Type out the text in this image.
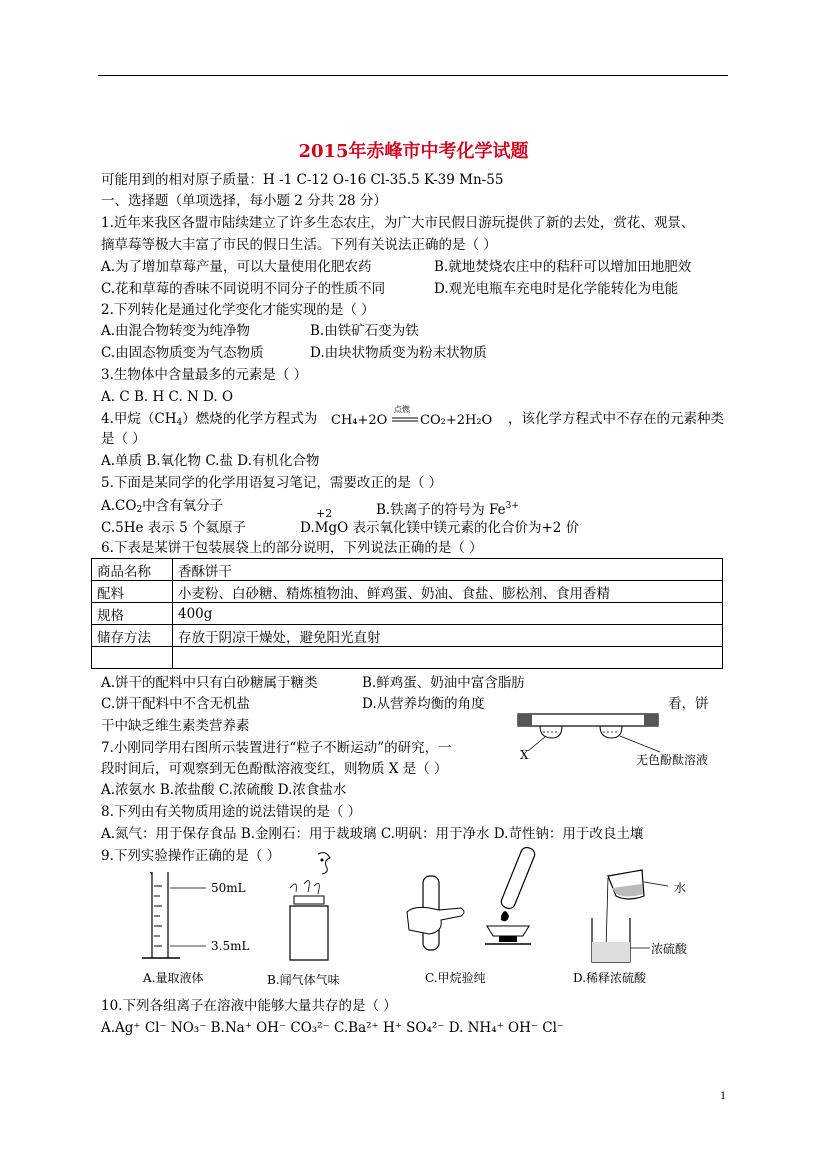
2015年赤峰市中考化学试题
可能用到的相对原子质量：H -1 C-12 O-16 Cl-35.5 K-39 Mn-55
一、选择题（单项选择，每小题 2 分共 28 分）
1.近年来我区各盟市陆续建立了许多生态农庄，为广大市民假日游玩提供了新的去处，赏花、观景、
摘草莓等极大丰富了市民的假日生活。下列有关说法正确的是（ ）
A.为了增加草莓产量，可以大量使用化肥农药	B.就地焚烧农庄中的秸秆可以增加田地肥效
C.花和草莓的香味不同说明不同分子的性质不同	D.观光电瓶车充电时是化学能转化为电能
2.下列转化是通过化学变化才能实现的是（ ）
A.由混合物转变为纯净物	B.由铁矿石变为铁
C.由固态物质变为气态物质	D.由块状物质变为粉末状物质
3.生物体中含量最多的元素是（ ）
A. C B. H C. N D. O
4.甲烷$(CH_4)$燃烧的化学方程式为 CH₄+2O
点燃
CO₂+2H₂O ，该化学方程式中不存在的元素种类
是（ ）
A.单质 B.氧化物 C.盐 D.有机化合物
5.下面是某同学的化学用语复习笔记，需要改正的是（ ）
$A.CO_2$中含有氧分子	B.铁离子的符号为 $Fe^{3+}$
+2
C.5He 表示 5 个氦原子	D.MgO 表示氧化镁中镁元素的化合价为+2 价
6.下表是某饼干包装展袋上的部分说明，下列说法正确的是（ ）
商品名称	香酥饼干
配料	小麦粉、白砂糖、精炼植物油、鲜鸡蛋、奶油、食盐、膨松剂、食用香精
规格	400g
储存方法	存放于阴凉干燥处，避免阳光直射

A.饼干的配料中只有白砂糖属于糖类	B.鲜鸡蛋、奶油中富含脂肪
C.饼干配料中不含无机盐	D.从营养均衡的角度	看，饼
干中缺乏维生素类营养素
X	无色酚酞溶液
7.小刚同学用右图所示装置进行“粒子不断运动”的研究，一
段时间后，可观察到无色酚酞溶液变红，则物质 X 是（ ）
A.浓氨水 B.浓盐酸 C.浓硫酸 D.浓食盐水
8.下列由有关物质用途的说法错误的是（ ）
A.氮气：用于保存食品 B.金刚石：用于裁玻璃 C.明矾：用于净水 D.苛性钠：用于改良土壤
9.下列实验操作正确的是（ ）
50mL
3.5mL
A.量取液体	B.闻气体气味	C.甲烷验纯
水
浓硫酸
D.稀释浓硫酸
10.下列各组离子在溶液中能够大量共存的是（ ）
A.Ag⁺ Cl⁻ NO₃⁻ B.Na⁺ OH⁻ CO₃²⁻ C.Ba²⁺ H⁺ SO₄²⁻ D. NH₄⁺ OH⁻ Cl⁻
1
